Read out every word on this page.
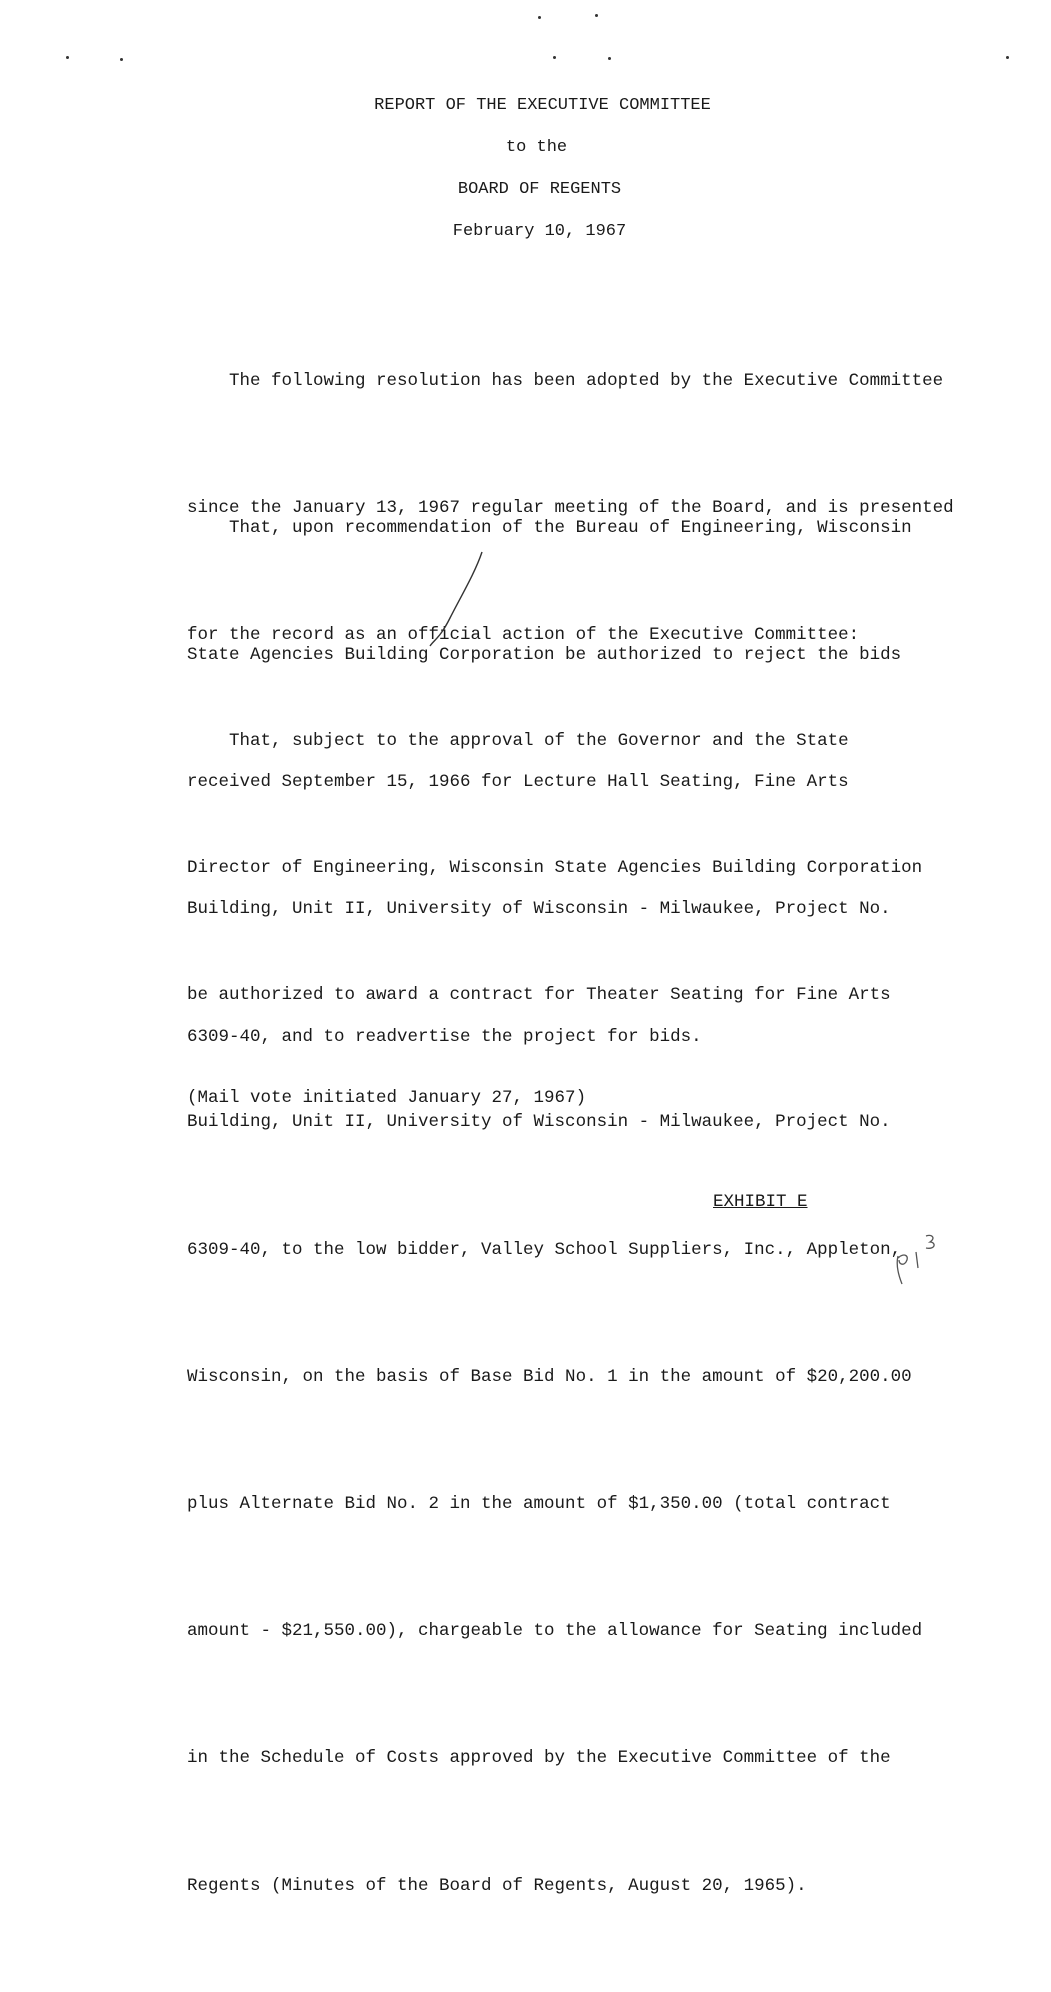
REPORT OF THE EXECUTIVE COMMITTEE
to the
BOARD OF REGENTS
February 10, 1967

The following resolution has been adopted by the Executive Committee

since the January 13, 1967 regular meeting of the Board, and is presented

for the record as an official action of the Executive Committee:

That, upon recommendation of the Bureau of Engineering, Wisconsin

State Agencies Building Corporation be authorized to reject the bids

received September 15, 1966 for Lecture Hall Seating, Fine Arts

Building, Unit II, University of Wisconsin - Milwaukee, Project No.

6309-40, and to readvertise the project for bids.

That, subject to the approval of the Governor and the State

Director of Engineering, Wisconsin State Agencies Building Corporation

be authorized to award a contract for Theater Seating for Fine Arts

Building, Unit II, University of Wisconsin - Milwaukee, Project No.

6309-40, to the low bidder, Valley School Suppliers, Inc., Appleton,

Wisconsin, on the basis of Base Bid No. 1 in the amount of $20,200.00

plus Alternate Bid No. 2 in the amount of $1,350.00 (total contract

amount - $21,550.00), chargeable to the allowance for Seating included

in the Schedule of Costs approved by the Executive Committee of the

Regents (Minutes of the Board of Regents, August 20, 1965).

(Mail vote initiated January 27, 1967)
EXHIBIT E
